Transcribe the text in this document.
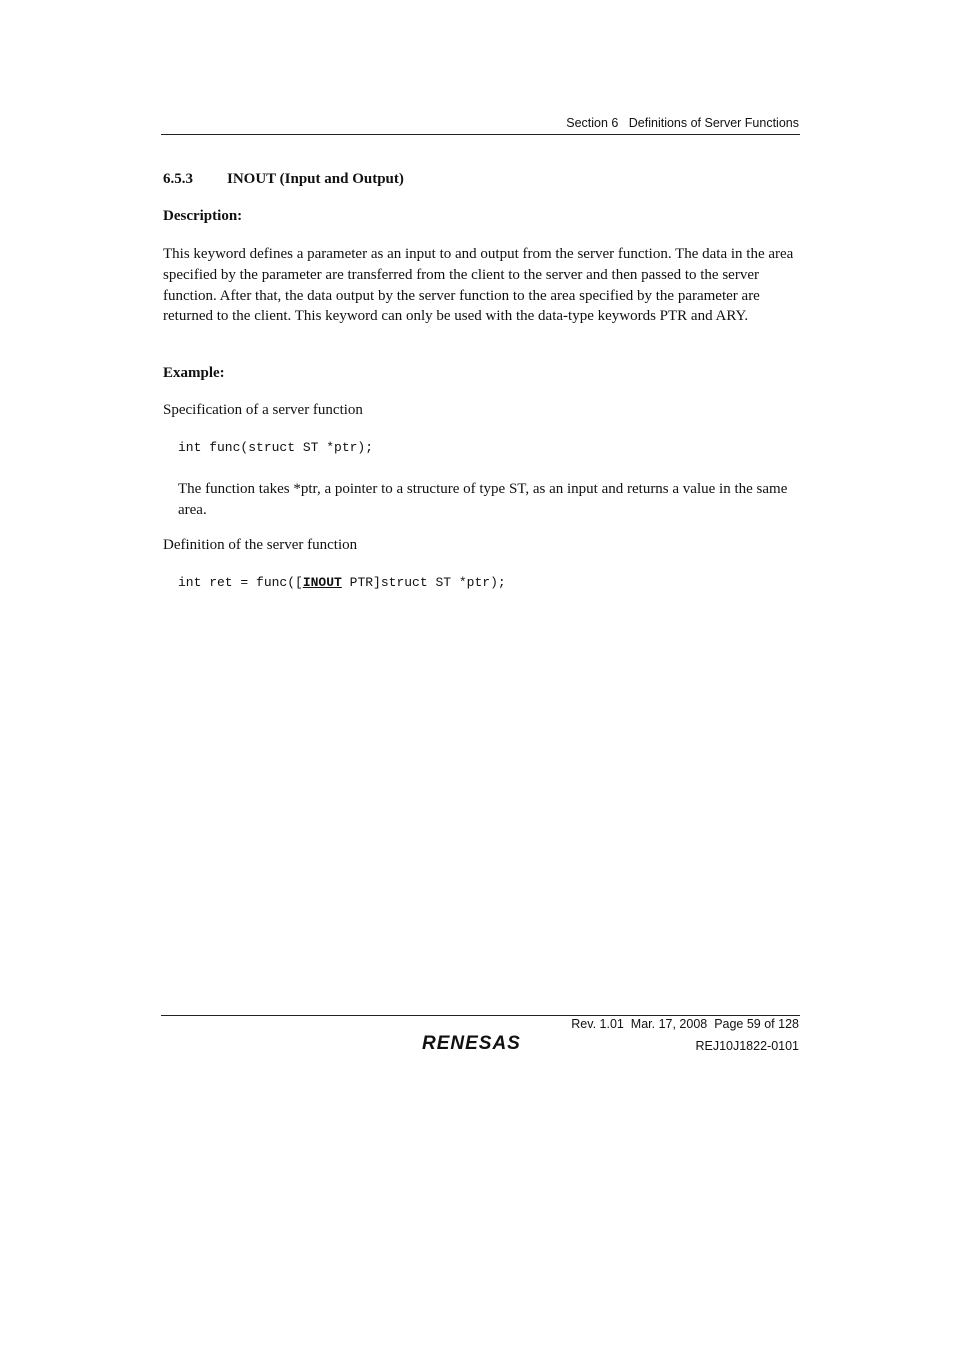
Section 6   Definitions of Server Functions
6.5.3 INOUT (Input and Output)
Description:
This keyword defines a parameter as an input to and output from the server function. The data in the area specified by the parameter are transferred from the client to the server and then passed to the server function. After that, the data output by the server function to the area specified by the parameter are returned to the client. This keyword can only be used with the data-type keywords PTR and ARY.
Example:
Specification of a server function
int func(struct ST *ptr);
The function takes *ptr, a pointer to a structure of type ST, as an input and returns a value in the same area.
Definition of the server function
int ret = func([INOUT PTR]struct ST *ptr);
Rev. 1.01  Mar. 17, 2008  Page 59 of 128
REJ10J1822-0101
RENESAS
